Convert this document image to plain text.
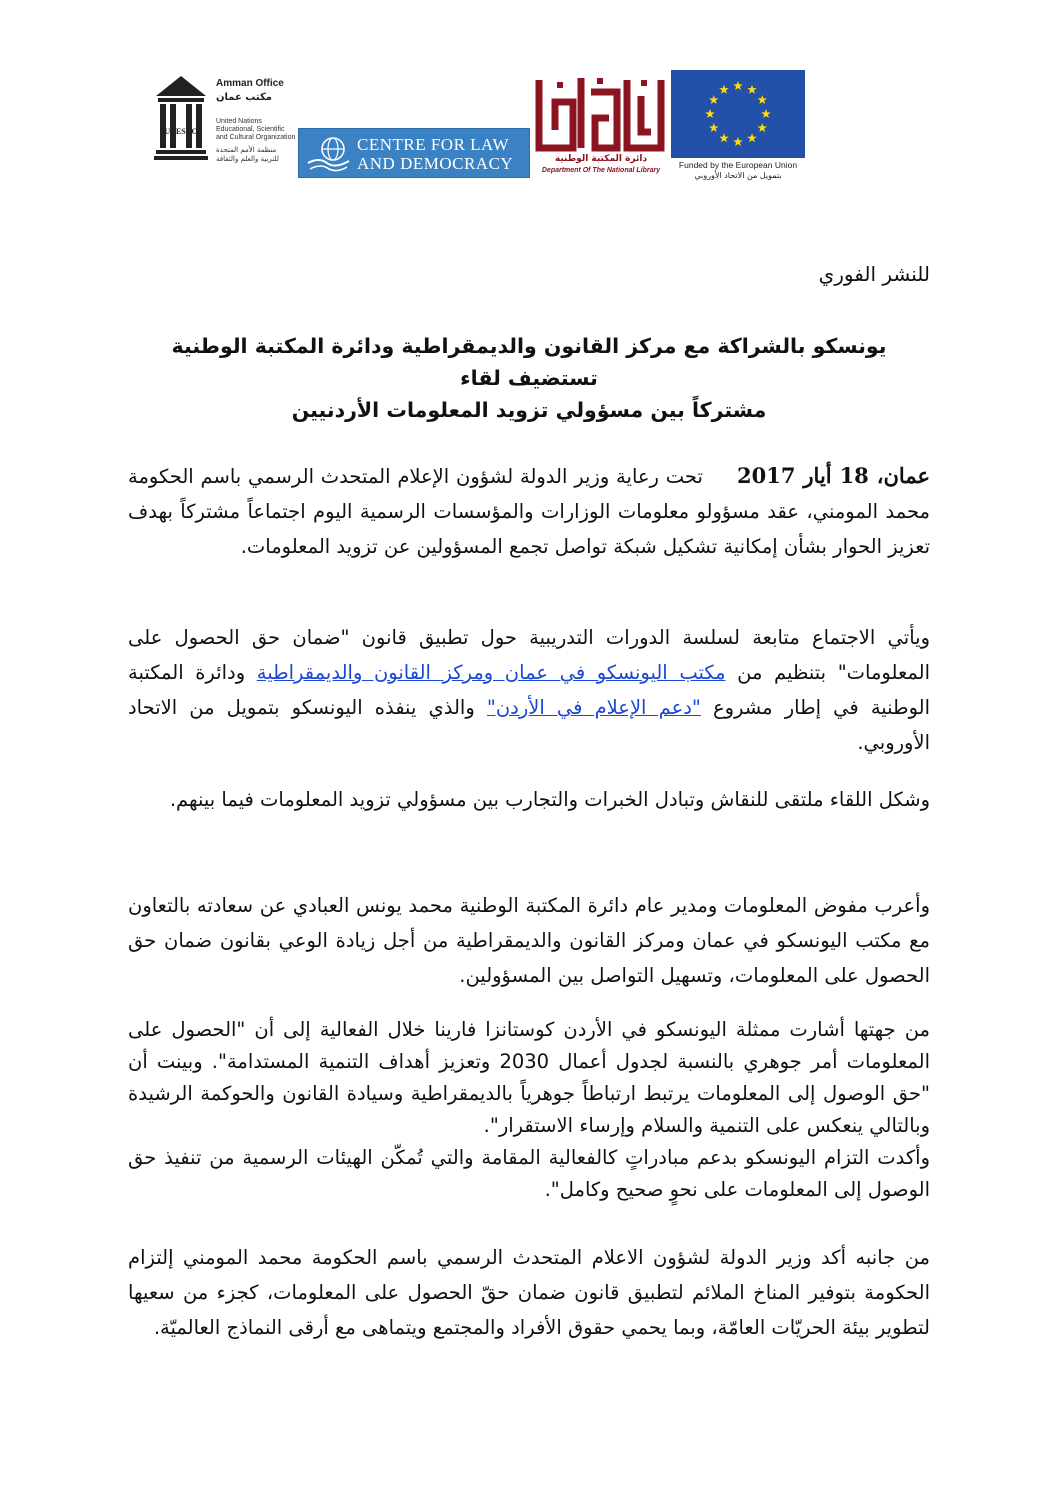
UNESCO
Amman Office
مكتب عمان
United Nations Educational, Scientific and Cultural Organization
منظمة الأمم المتحدة للتربية والعلم والثقافة
CENTRE FOR LAW
AND DEMOCRACY	دائرة المكتبة الوطنية
Department Of The National Library
Funded by the European Union
بتمويل من الاتحاد الأوروبي
للنشر الفوري
يونسكو بالشراكة مع مركز القانون والديمقراطية ودائرة المكتبة الوطنية تستضيف لقاء
مشتركاً بين مسؤولي تزويد المعلومات الأردنيين
عمان، 18 أيار 2017     تحت رعاية وزير الدولة لشؤون الإعلام المتحدث الرسمي باسم الحكومة محمد المومني، عقد مسؤولو معلومات الوزارات والمؤسسات الرسمية اليوم اجتماعاً مشتركاً بهدف تعزيز الحوار بشأن إمكانية تشكيل شبكة تواصل تجمع المسؤولين عن تزويد المعلومات.
ويأتي الاجتماع متابعة لسلسة الدورات التدريبية حول تطبيق قانون "ضمان حق الحصول على المعلومات" بتنظيم من مكتب اليونسكو في عمان ومركز القانون والديمقراطية ودائرة المكتبة الوطنية في إطار مشروع "دعم الإعلام في الأردن" والذي ينفذه اليونسكو بتمويل من الاتحاد الأوروبي.
وشكل اللقاء ملتقى للنقاش وتبادل الخبرات والتجارب بين مسؤولي تزويد المعلومات فيما بينهم.
وأعرب مفوض المعلومات ومدير عام دائرة المكتبة الوطنية محمد يونس العبادي عن سعادته بالتعاون مع مكتب اليونسكو في عمان ومركز القانون والديمقراطية من أجل زيادة الوعي بقانون ضمان حق الحصول على المعلومات، وتسهيل التواصل بين المسؤولين.
من جهتها أشارت ممثلة اليونسكو في الأردن كوستانزا فارينا خلال الفعالية إلى أن "الحصول على المعلومات أمر جوهري بالنسبة لجدول أعمال 2030 وتعزيز أهداف التنمية المستدامة". وبينت أن "حق الوصول إلى المعلومات يرتبط ارتباطاً جوهرياً بالديمقراطية وسيادة القانون والحوكمة الرشيدة وبالتالي ينعكس على التنمية والسلام وإرساء الاستقرار".
وأكدت التزام اليونسكو بدعم مبادراتٍ كالفعالية المقامة والتي تُمكّن الهيئات الرسمية من تنفيذ حق الوصول إلى المعلومات على نحوٍ صحيح وكامل".
من جانبه أكد وزير الدولة لشؤون الاعلام المتحدث الرسمي باسم الحكومة محمد المومني إلتزام الحكومة بتوفير المناخ الملائم لتطبيق قانون ضمان حقّ الحصول على المعلومات، كجزء من سعيها لتطوير بيئة الحريّات العامّة، وبما يحمي حقوق الأفراد والمجتمع ويتماهى مع أرقى النماذج العالميّة.
